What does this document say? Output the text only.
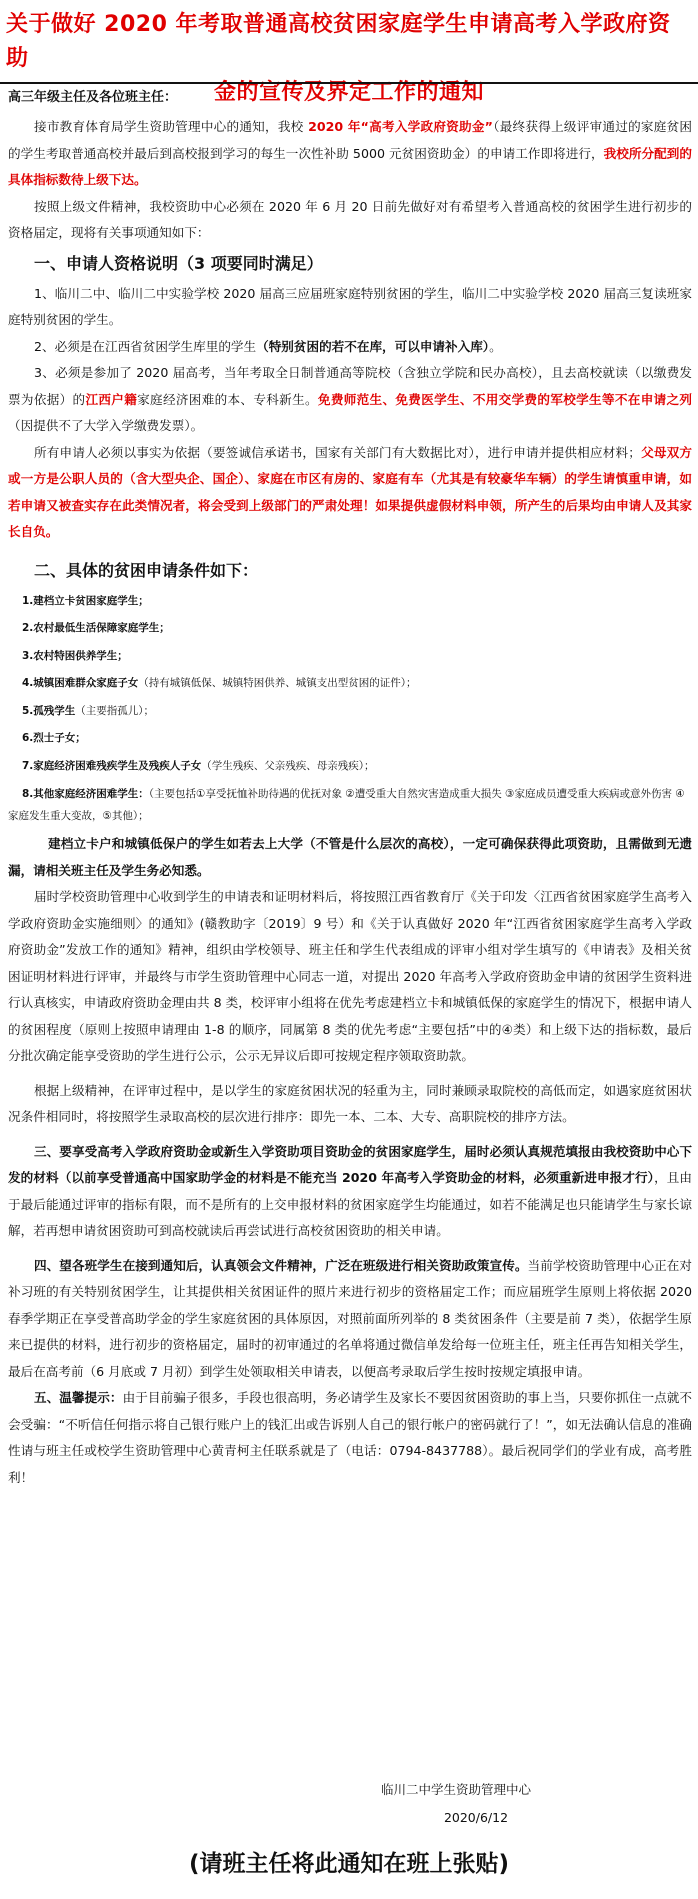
关于做好 2020 年考取普通高校贫困家庭学生申请高考入学政府资助
金的宣传及界定工作的通知
高三年级主任及各位班主任：

接市教育体育局学生资助管理中心的通知，我校 2020 年“高考入学政府资助金”（最终获得上级评审通过的家庭贫困的学生考取普通高校并最后到高校报到学习的每生一次性补助 5000 元贫困资助金）的申请工作即将进行，我校所分配到的具体指标数待上级下达。

按照上级文件精神，我校资助中心必须在 2020 年 6 月 20 日前先做好对有希望考入普通高校的贫困学生进行初步的资格届定，现将有关事项通知如下：

一、申请人资格说明（3 项要同时满足）

1、临川二中、临川二中实验学校 2020 届高三应届班家庭特别贫困的学生，临川二中实验学校 2020 届高三复读班家庭特别贫困的学生。

2、必须是在江西省贫困学生库里的学生（特别贫困的若不在库，可以申请补入库）。

3、必须是参加了 2020 届高考，当年考取全日制普通高等院校（含独立学院和民办高校），且去高校就读（以缴费发票为依据）的江西户籍家庭经济困难的本、专科新生。免费师范生、免费医学生、不用交学费的军校学生等不在申请之列（因提供不了大学入学缴费发票）。

所有申请人必须以事实为依据（要签诚信承诺书，国家有关部门有大数据比对），进行申请并提供相应材料；父母双方或一方是公职人员的（含大型央企、国企）、家庭在市区有房的、家庭有车（尤其是有较豪华车辆）的学生请慎重申请，如若申请又被查实存在此类情况者，将会受到上级部门的严肃处理！如果提供虚假材料申领，所产生的后果均由申请人及其家长自负。

二、具体的贫困申请条件如下：
1.建档立卡贫困家庭学生；
2.农村最低生活保障家庭学生；
3.农村特困供养学生；
4.城镇困难群众家庭子女（持有城镇低保、城镇特困供养、城镇支出型贫困的证件）；
5.孤残学生（主要指孤儿）；
6.烈士子女；
7.家庭经济困难残疾学生及残疾人子女（学生残疾、父亲残疾、母亲残疾）；
8.其他家庭经济困难学生：（主要包括①享受抚恤补助待遇的优抚对象 ②遭受重大自然灾害造成重大损失 ③家庭成员遭受重大疾病或意外伤害 ④家庭发生重大变故，⑤其他）；

建档立卡户和城镇低保户的学生如若去上大学（不管是什么层次的高校），一定可确保获得此项资助，且需做到无遗漏，请相关班主任及学生务必知悉。

届时学校资助管理中心收到学生的申请表和证明材料后，将按照江西省教育厅《关于印发〈江西省贫困家庭学生高考入学政府资助金实施细则〉的通知》(赣教助字〔2019〕9 号）和《关于认真做好 2020 年“江西省贫困家庭学生高考入学政府资助金”发放工作的通知》精神，组织由学校领导、班主任和学生代表组成的评审小组对学生填写的《申请表》及相关贫困证明材料进行评审，并最终与市学生资助管理中心同志一道，对提出 2020 年高考入学政府资助金申请的贫困学生资料进行认真核实，申请政府资助金理由共 8 类，校评审小组将在优先考虑建档立卡和城镇低保的家庭学生的情况下，根据申请人的贫困程度（原则上按照申请理由 1-8 的顺序，同属第 8 类的优先考虑“主要包括”中的④类）和上级下达的指标数，最后分批次确定能享受资助的学生进行公示，公示无异议后即可按规定程序领取资助款。

根据上级精神，在评审过程中，是以学生的家庭贫困状况的轻重为主，同时兼顾录取院校的高低而定，如遇家庭贫困状况条件相同时，将按照学生录取高校的层次进行排序：即先一本、二本、大专、高职院校的排序方法。

三、要享受高考入学政府资助金或新生入学资助项目资助金的贫困家庭学生，届时必须认真规范填报由我校资助中心下发的材料（以前享受普通高中国家助学金的材料是不能充当 2020 年高考入学资助金的材料，必须重新进申报才行），且由于最后能通过评审的指标有限，而不是所有的上交申报材料的贫困家庭学生均能通过，如若不能满足也只能请学生与家长谅解，若再想申请贫困资助可到高校就读后再尝试进行高校贫困资助的相关申请。

四、望各班学生在接到通知后，认真领会文件精神，广泛在班级进行相关资助政策宣传。当前学校资助管理中心正在对补习班的有关特别贫困学生，让其提供相关贫困证件的照片来进行初步的资格届定工作；而应届班学生原则上将依据 2020 春季学期正在享受普高助学金的学生家庭贫困的具体原因，对照前面所列举的 8 类贫困条件（主要是前 7 类），依据学生原来已提供的材料，进行初步的资格届定，届时的初审通过的名单将通过微信单发给每一位班主任，班主任再告知相关学生，最后在高考前（6 月底或 7 月初）到学生处领取相关申请表，以便高考录取后学生按时按规定填报申请。

五、温馨提示：由于目前骗子很多，手段也很高明，务必请学生及家长不要因贫困资助的事上当，只要你抓住一点就不会受骗：“不听信任何指示将自己银行账户上的钱汇出或告诉别人自己的银行帐户的密码就行了！”，如无法确认信息的准确性请与班主任或校学生资助管理中心黄青柯主任联系就是了（电话：0794-8437788）。最后祝同学们的学业有成，高考胜利！

临川二中学生资助管理中心
2020/6/12
(请班主任将此通知在班上张贴)
